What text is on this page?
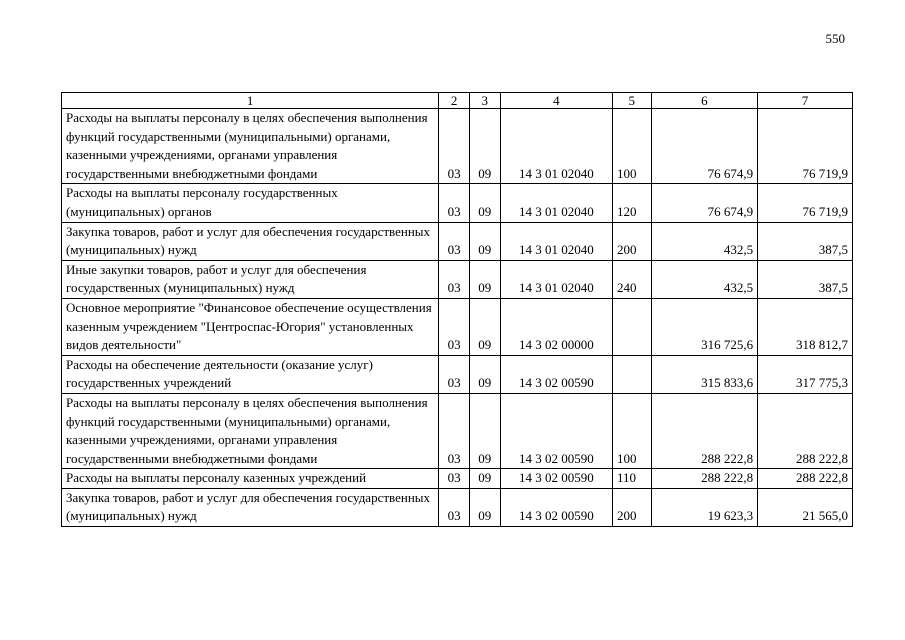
550
1	2	3	4	5	6	7
Расходы на выплаты персоналу в целях обеспечения выполнения функций государственными (муниципальными) органами, казенными учреждениями, органами управления государственными внебюджетными фондами	03	09	14 3 01 02040	100	76 674,9	76 719,9
Расходы на выплаты персоналу государственных (муниципальных) органов	03	09	14 3 01 02040	120	76 674,9	76 719,9
Закупка товаров, работ и услуг для обеспечения государственных (муниципальных) нужд	03	09	14 3 01 02040	200	432,5	387,5
Иные закупки товаров, работ и услуг для обеспечения государственных (муниципальных) нужд	03	09	14 3 01 02040	240	432,5	387,5
Основное мероприятие "Финансовое обеспечение осуществления казенным учреждением "Центроспас-Югория" установленных видов деятельности"	03	09	14 3 02 00000		316 725,6	318 812,7
Расходы на обеспечение деятельности (оказание услуг) государственных учреждений	03	09	14 3 02 00590		315 833,6	317 775,3
Расходы на выплаты персоналу в целях обеспечения выполнения функций государственными (муниципальными) органами, казенными учреждениями, органами управления государственными внебюджетными фондами	03	09	14 3 02 00590	100	288 222,8	288 222,8
Расходы на выплаты персоналу казенных учреждений	03	09	14 3 02 00590	110	288 222,8	288 222,8
Закупка товаров, работ и услуг для обеспечения государственных (муниципальных) нужд	03	09	14 3 02 00590	200	19 623,3	21 565,0
